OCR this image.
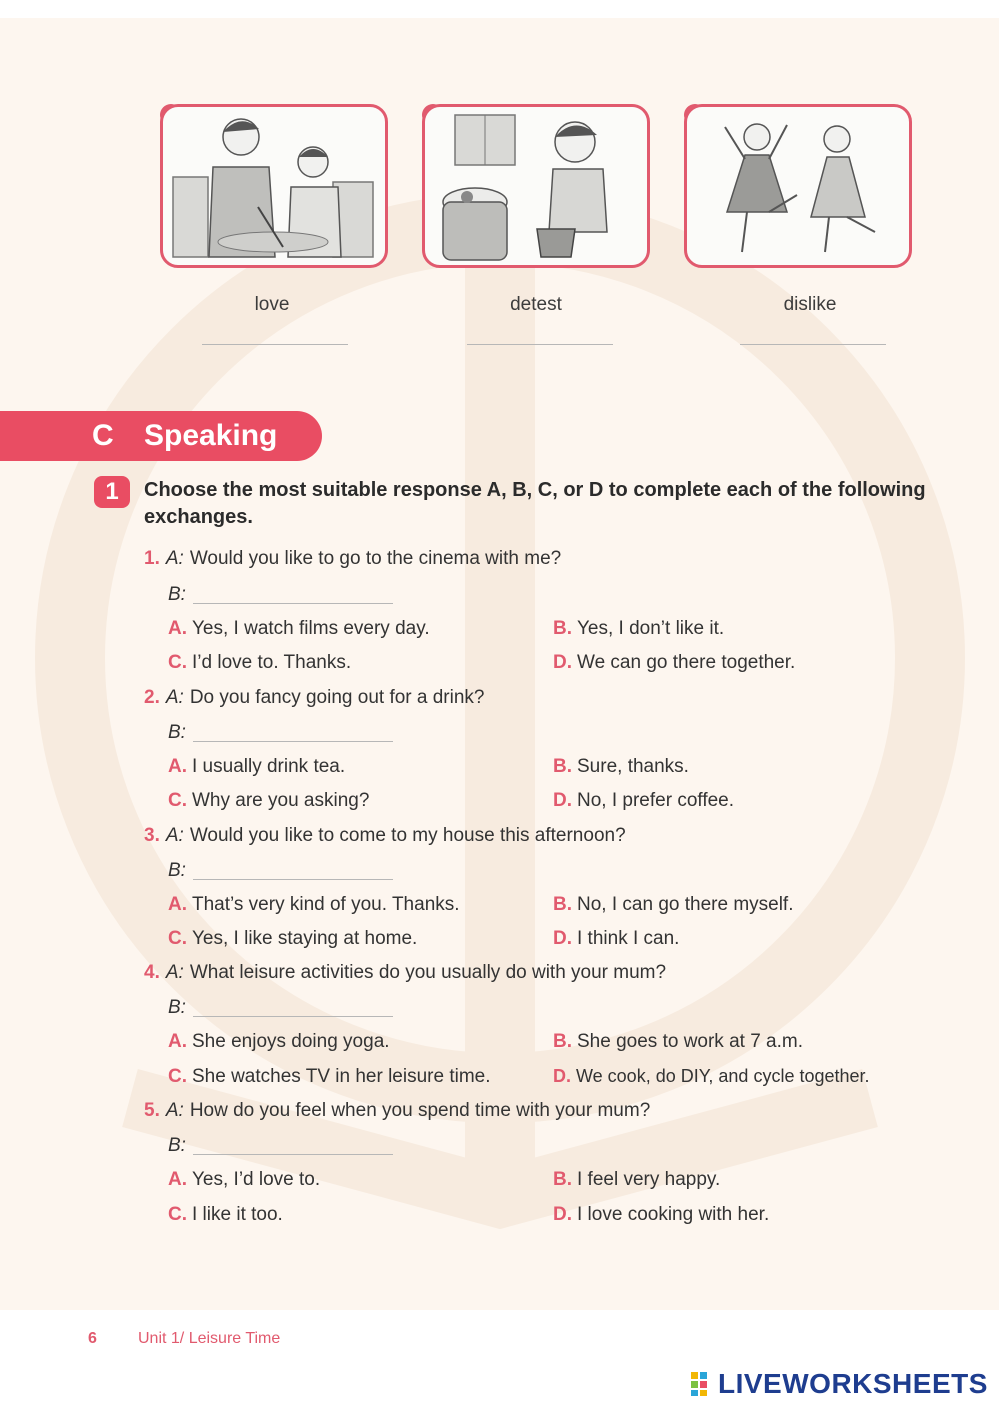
love	detest	dislike
C	Speaking
1	Choose the most suitable response A, B, C, or D to complete each of the following exchanges.
1. A: Would you like to go to the cinema with me?
B:
A. Yes, I watch films every day.	B. Yes, I don’t like it.
C. I’d love to. Thanks.	D. We can go there together.
2. A: Do you fancy going out for a drink?
B:
A. I usually drink tea.	B. Sure, thanks.
C. Why are you asking?	D. No, I prefer coffee.
3. A: Would you like to come to my house this afternoon?
B:
A. That’s very kind of you. Thanks.	B. No, I can go there myself.
C. Yes, I like staying at home.	D. I think I can.
4. A: What leisure activities do you usually do with your mum?
B:
A. She enjoys doing yoga.	B. She goes to work at 7 a.m.
C. She watches TV in her leisure time.	D. We cook, do DIY, and cycle together.
5. A: How do you feel when you spend time with your mum?
B:
A. Yes, I’d love to.	B. I feel very happy.
C. I like it too.	D. I love cooking with her.
6	Unit 1/ Leisure Time
LIVEWORKSHEETS
